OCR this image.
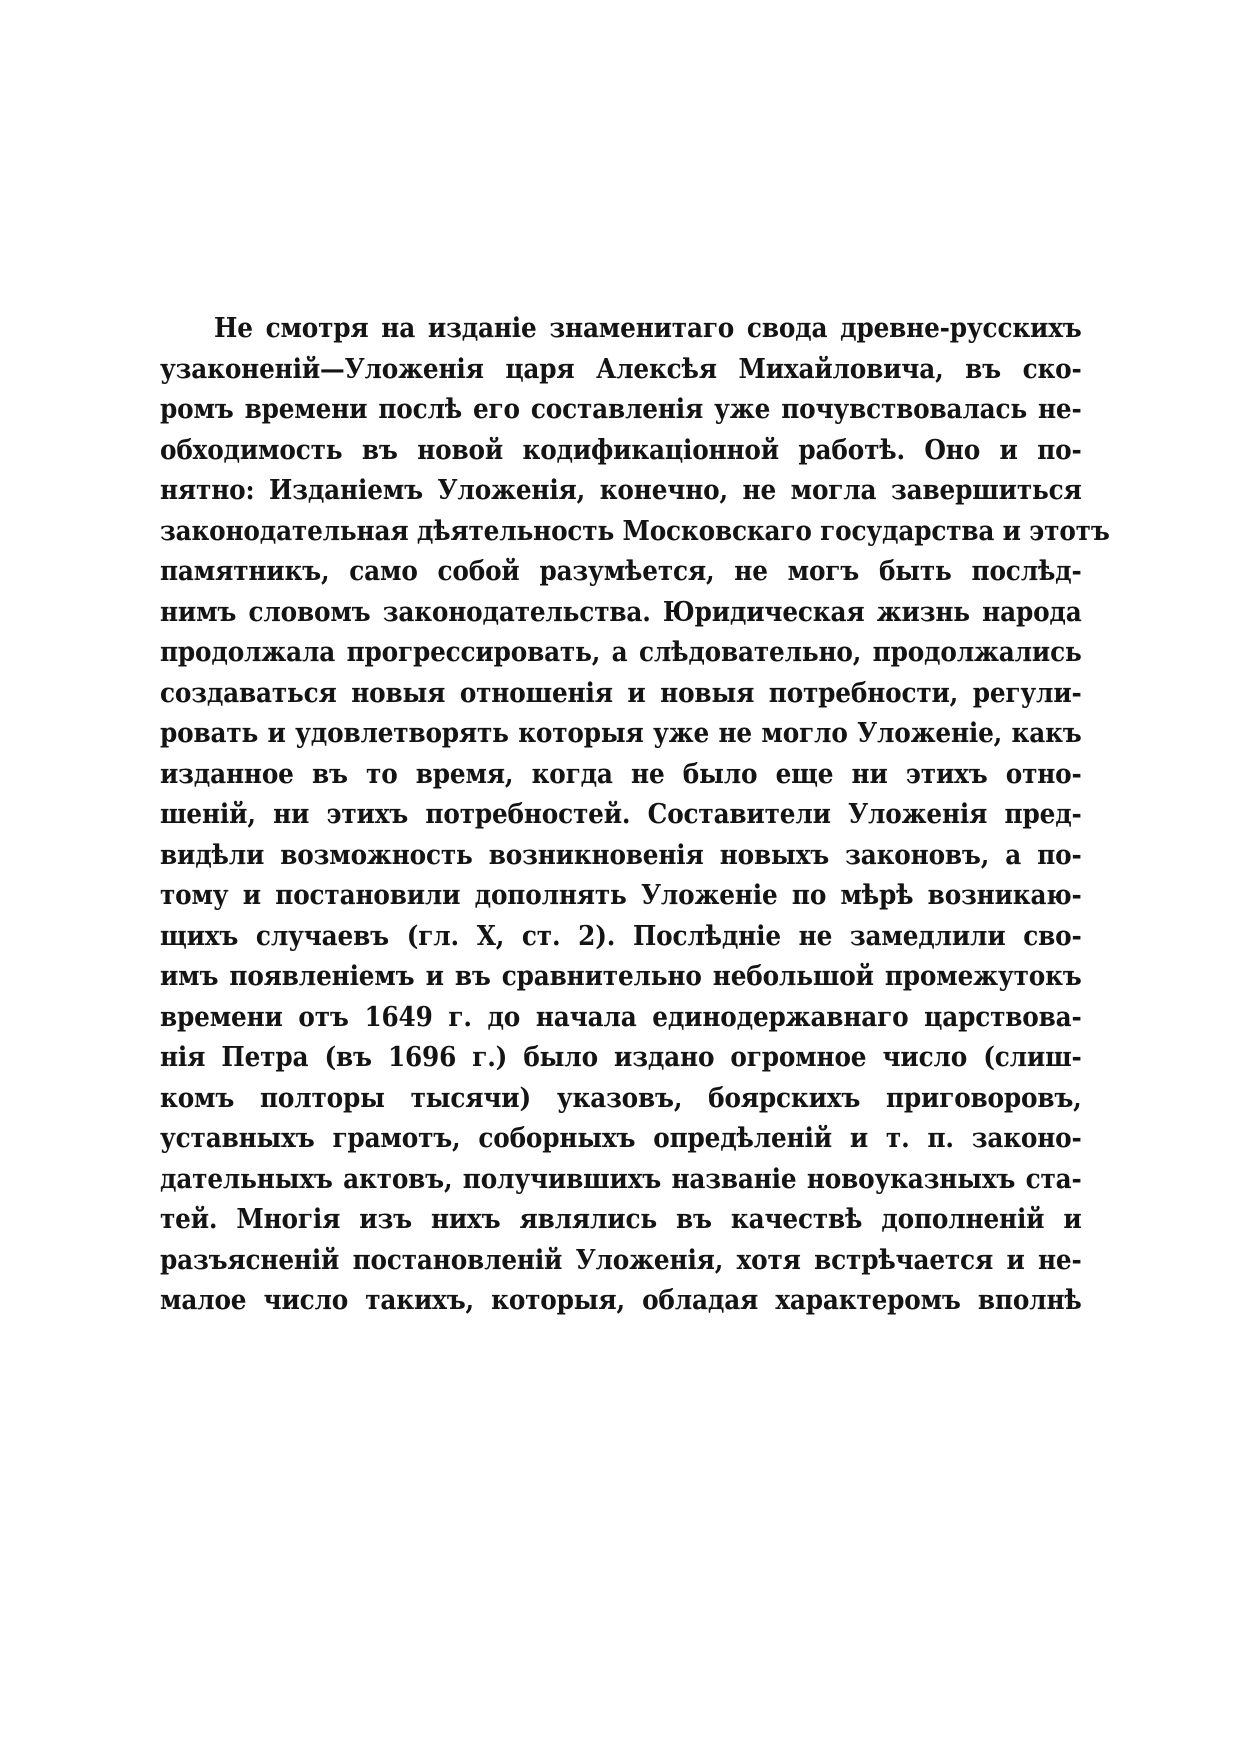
Не смотря на изданіе знаменитаго свода древне-русскихъ
узаконеній—Уложенія царя Алексѣя Михайловича, въ ско-
ромъ времени послѣ его составленія уже почувствовалась не-
обходимость въ новой кодификаціонной работѣ. Оно и по-
нятно: Изданіемъ Уложенія, конечно, не могла завершиться
законодательная дѣятельность Московскаго государства и этотъ
памятникъ, само собой разумѣется, не могъ быть послѣд-
нимъ словомъ законодательства. Юридическая жизнь народа
продолжала прогрессировать, а слѣдовательно, продолжались
создаваться новыя отношенія и новыя потребности, регули-
ровать и удовлетворять которыя уже не могло Уложеніе, какъ
изданное въ то время, когда не было еще ни этихъ отно-
шеній, ни этихъ потребностей. Составители Уложенія пред-
видѣли возможность возникновенія новыхъ законовъ, а по-
тому и постановили дополнять Уложеніе по мѣрѣ возникаю-
щихъ случаевъ (гл. X, ст. 2). Послѣдніе не замедлили сво-
имъ появленіемъ и въ сравнительно небольшой промежутокъ
времени отъ 1649 г. до начала единодержавнаго царствова-
нія Петра (въ 1696 г.) было издано огромное число (слиш-
комъ полторы тысячи) указовъ, боярскихъ приговоровъ,
уставныхъ грамотъ, соборныхъ опредѣленій и т. п. законо-
дательныхъ актовъ, получившихъ названіе новоуказныхъ ста-
тей. Многія изъ нихъ являлись въ качествѣ дополненій и
разъясненій постановленій Уложенія, хотя встрѣчается и не-
малое число такихъ, которыя, обладая характеромъ вполнѣ
